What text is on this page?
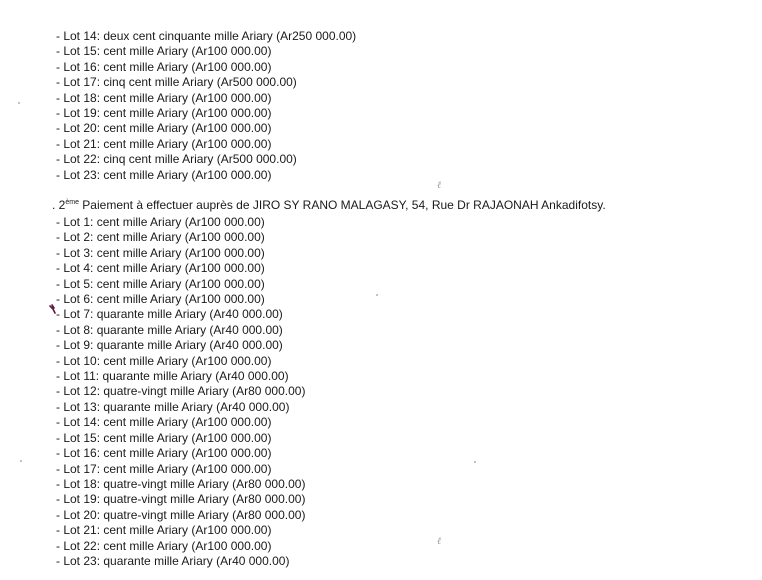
- Lot 14: deux cent cinquante mille Ariary (Ar250 000.00)
- Lot 15: cent mille Ariary (Ar100 000.00)
- Lot 16: cent mille Ariary (Ar100 000.00)
- Lot 17: cinq cent mille Ariary (Ar500 000.00)
- Lot 18: cent mille Ariary (Ar100 000.00)
- Lot 19: cent mille Ariary (Ar100 000.00)
- Lot 20: cent mille Ariary (Ar100 000.00)
- Lot 21: cent mille Ariary (Ar100 000.00)
- Lot 22: cinq cent mille Ariary (Ar500 000.00)
- Lot 23: cent mille Ariary (Ar100 000.00)
. 2ème Paiement à effectuer auprès de JIRO SY RANO MALAGASY, 54, Rue Dr RAJAONAH Ankadifotsy.
- Lot 1: cent mille Ariary (Ar100 000.00)
- Lot 2: cent mille Ariary (Ar100 000.00)
- Lot 3: cent mille Ariary (Ar100 000.00)
- Lot 4: cent mille Ariary (Ar100 000.00)
- Lot 5: cent mille Ariary (Ar100 000.00)
- Lot 6: cent mille Ariary (Ar100 000.00)
- Lot 7: quarante mille Ariary (Ar40 000.00)
- Lot 8: quarante mille Ariary (Ar40 000.00)
- Lot 9: quarante mille Ariary (Ar40 000.00)
- Lot 10: cent mille Ariary (Ar100 000.00)
- Lot 11: quarante mille Ariary (Ar40 000.00)
- Lot 12: quatre-vingt mille Ariary (Ar80 000.00)
- Lot 13: quarante mille Ariary (Ar40 000.00)
- Lot 14: cent mille Ariary (Ar100 000.00)
- Lot 15: cent mille Ariary (Ar100 000.00)
- Lot 16: cent mille Ariary (Ar100 000.00)
- Lot 17: cent mille Ariary (Ar100 000.00)
- Lot 18: quatre-vingt mille Ariary (Ar80 000.00)
- Lot 19: quatre-vingt mille Ariary (Ar80 000.00)
- Lot 20: quatre-vingt mille Ariary (Ar80 000.00)
- Lot 21: cent mille Ariary (Ar100 000.00)
- Lot 22: cent mille Ariary (Ar100 000.00)
- Lot 23: quarante mille Ariary (Ar40 000.00)
ℓ
ℓ
